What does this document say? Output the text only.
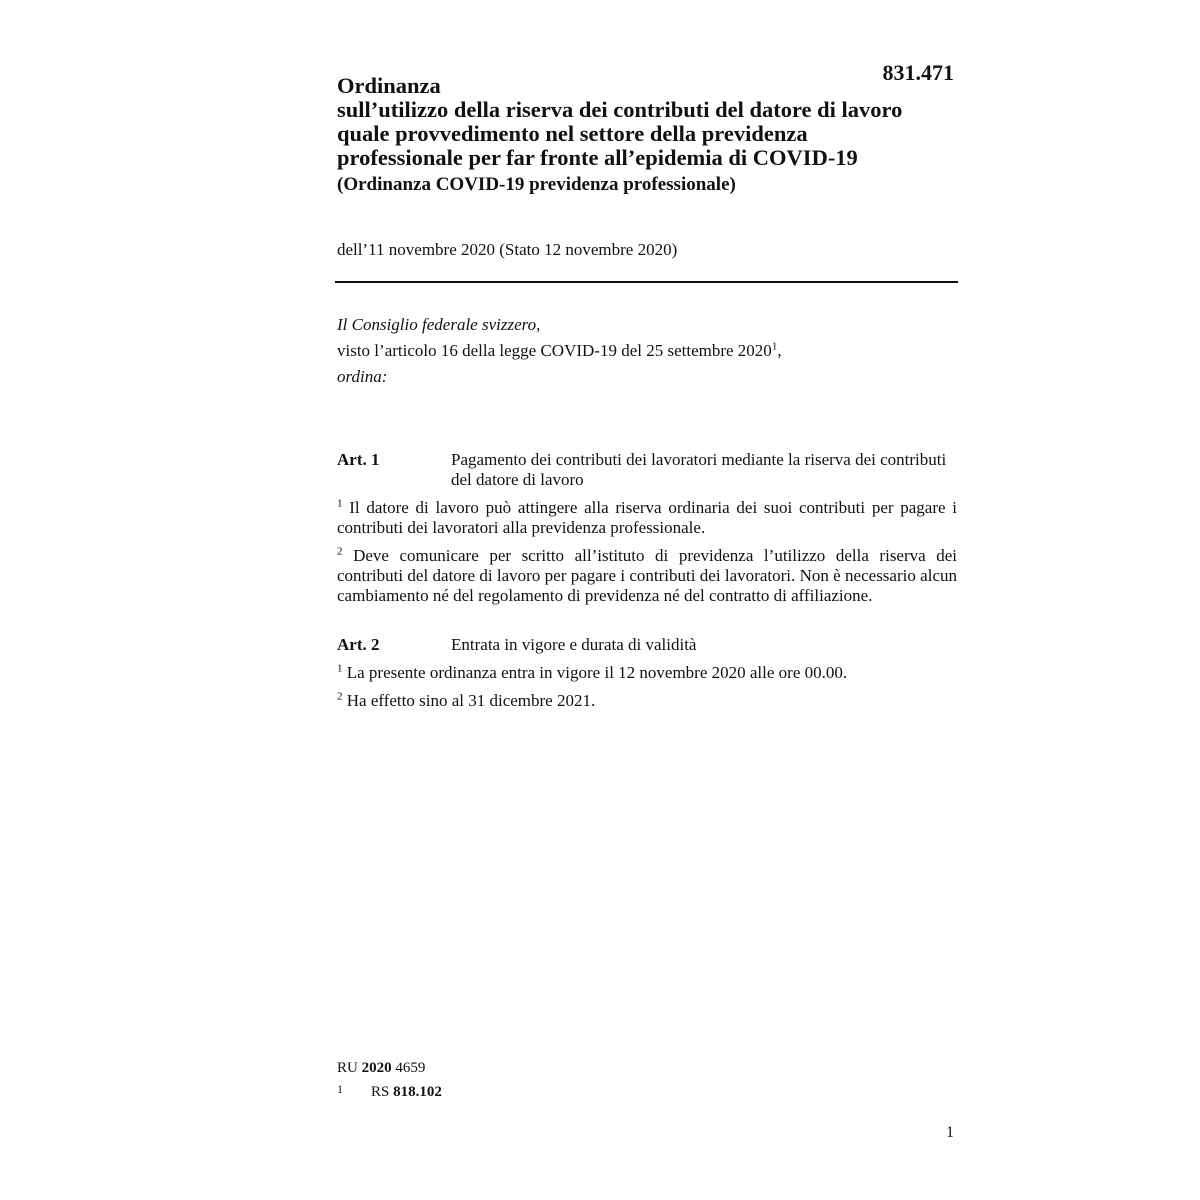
831.471
Ordinanza
sull’utilizzo della riserva dei contributi del datore di lavoro
quale provvedimento nel settore della previdenza
professionale per far fronte all’epidemia di COVID-19
(Ordinanza COVID-19 previdenza professionale)
dell’11 novembre 2020 (Stato 12 novembre 2020)
Il Consiglio federale svizzero,
visto l’articolo 16 della legge COVID-19 del 25 settembre 2020$^1$,
ordina:
Art. 1	Pagamento dei contributi dei lavoratori mediante la riserva dei contributi del datore di lavoro
$^1$ Il datore di lavoro può attingere alla riserva ordinaria dei suoi contributi per pagare i contributi dei lavoratori alla previdenza professionale.
$^2$ Deve comunicare per scritto all’istituto di previdenza l’utilizzo della riserva dei contributi del datore di lavoro per pagare i contributi dei lavoratori. Non è necessario alcun cambiamento né del regolamento di previdenza né del contratto di affiliazione.
Art. 2	Entrata in vigore e durata di validità
$^1$ La presente ordinanza entra in vigore il 12 novembre 2020 alle ore 00.00.
$^2$ Ha effetto sino al 31 dicembre 2021.
RU 2020 4659
1 RS 818.102
1
